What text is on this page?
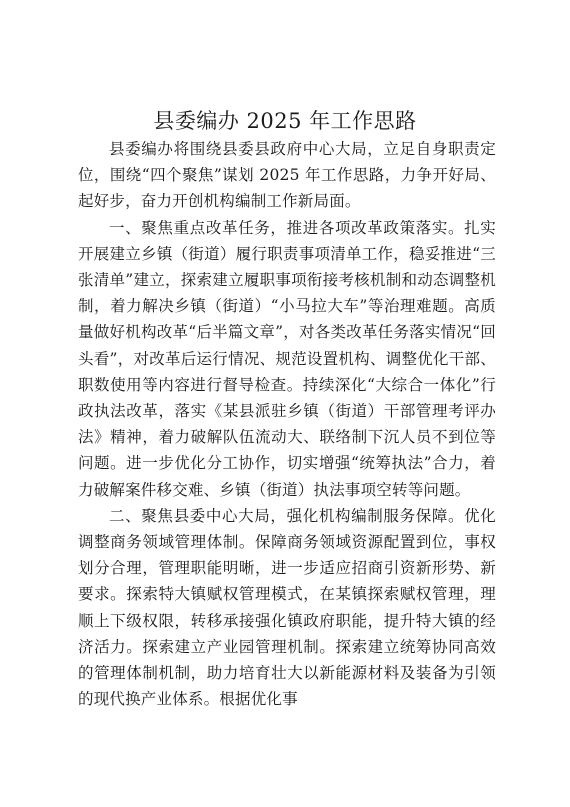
县委编办 2025 年工作思路

县委编办将围绕县委县政府中心大局，立足自身职责定位，围绕“四个聚焦”谋划 2025 年工作思路，力争开好局、起好步，奋力开创机构编制工作新局面。

一、聚焦重点改革任务，推进各项改革政策落实。扎实开展建立乡镇（街道）履行职责事项清单工作，稳妥推进“三张清单”建立，探索建立履职事项衔接考核机制和动态调整机制，着力解决乡镇（街道）“小马拉大车”等治理难题。高质量做好机构改革“后半篇文章”，对各类改革任务落实情况“回头看”，对改革后运行情况、规范设置机构、调整优化干部、职数使用等内容进行督导检查。持续深化“大综合一体化”行政执法改革，落实《某县派驻乡镇（街道）干部管理考评办法》精神，着力破解队伍流动大、联络制下沉人员不到位等问题。进一步优化分工协作，切实增强“统筹执法”合力，着力破解案件移交难、乡镇（街道）执法事项空转等问题。

二、聚焦县委中心大局，强化机构编制服务保障。优化调整商务领域管理体制。保障商务领域资源配置到位，事权划分合理，管理职能明晰，进一步适应招商引资新形势、新要求。探索特大镇赋权管理模式，在某镇探索赋权管理，理顺上下级权限，转移承接强化镇政府职能，提升特大镇的经济活力。探索建立产业园管理机制。探索建立统筹协同高效的管理体制机制，助力培育壮大以新能源材料及装备为引领的现代换产业体系。根据优化事
